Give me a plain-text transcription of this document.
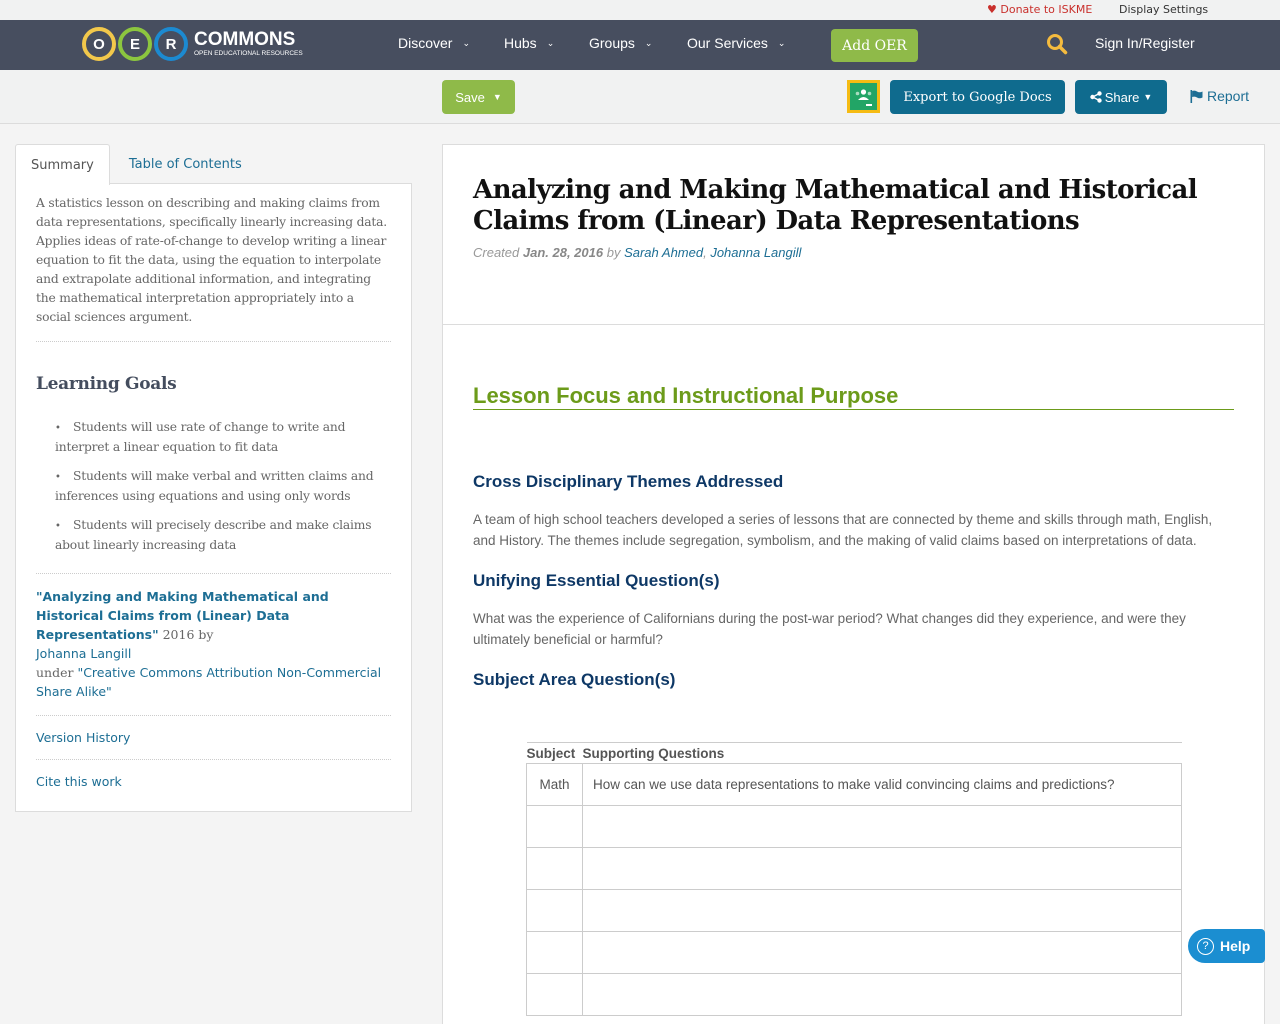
♥ Donate to ISKME Display Settings
O	E	R COMMONS
OPEN EDUCATIONAL RESOURCES
Discover ⌄ Hubs ⌄ Groups ⌄ Our Services ⌄	Add OER	Sign In/Register
Save ▼	Export to Google Docs	Share ▼	Report
Summary	Table of Contents

A statistics lesson on describing and making claims from data representations, specifically linearly increasing data. Applies ideas of rate-of-change to develop writing a linear equation to fit the data, using the equation to interpolate and extrapolate additional information, and integrating the mathematical interpretation appropriately into a social sciences argument.

Learning Goals
• Students will use rate of change to write and interpret a linear equation to fit data
• Students will make verbal and written claims and inferences using equations and using only words
• Students will precisely describe and make claims about linearly increasing data
"Analyzing and Making Mathematical and Historical Claims from (Linear) Data Representations" 2016 by
Johanna Langill
under "Creative Commons Attribution Non-Commercial Share Alike"
Version History
Cite this work
Analyzing and Making Mathematical and Historical Claims from (Linear) Data Representations
Created Jan. 28, 2016 by Sarah Ahmed, Johanna Langill
Lesson Focus and Instructional Purpose
Cross Disciplinary Themes Addressed

A team of high school teachers developed a series of lessons that are connected by theme and skills through math, English, and History. The themes include segregation, symbolism, and the making of valid claims based on interpretations of data.

Unifying Essential Question(s)

What was the experience of Californians during the post-war period? What changes did they experience, and were they ultimately beneficial or harmful?

Subject Area Question(s)
Subject	Supporting Questions
Math	How can we use data representations to make valid convincing claims and predictions?

? Help
